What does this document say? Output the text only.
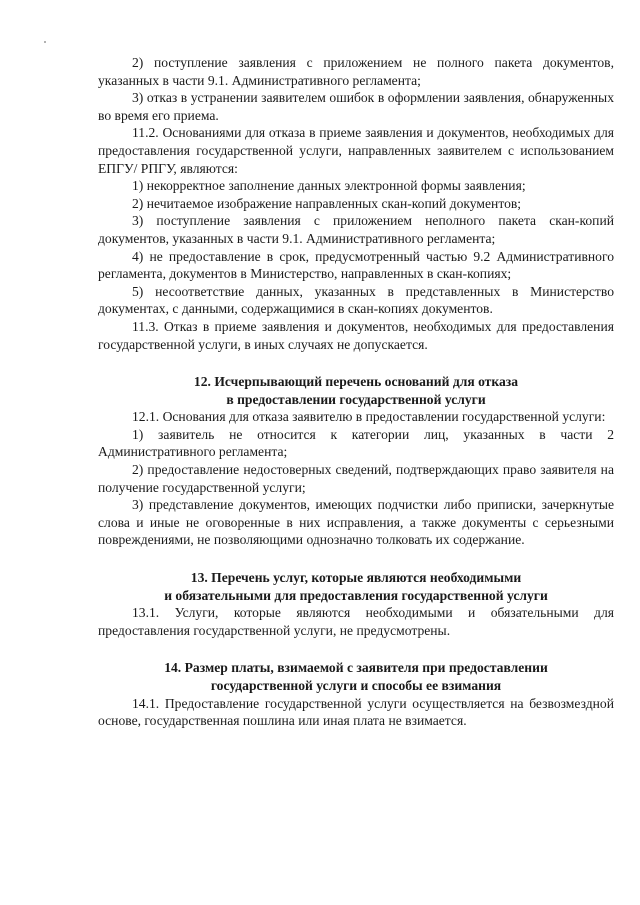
2) поступление заявления с приложением не полного пакета документов, указанных в части 9.1. Административного регламента;

3) отказ в устранении заявителем ошибок в оформлении заявления, обнаруженных во время его приема.

11.2. Основаниями для отказа в приеме заявления и документов, необходимых для предоставления государственной услуги, направленных заявителем с использованием ЕПГУ/ РПГУ, являются:

1) некорректное заполнение данных электронной формы заявления;

2) нечитаемое изображение направленных скан-копий документов;

3) поступление заявления с приложением неполного пакета скан-копий документов, указанных в части 9.1. Административного регламента;

4) не предоставление в срок, предусмотренный частью 9.2 Административного регламента, документов в Министерство, направленных в скан-копиях;

5) несоответствие данных, указанных в представленных в Министерство документах, с данными, содержащимися в скан-копиях документов.

11.3. Отказ в приеме заявления и документов, необходимых для предоставления государственной услуги, в иных случаях не допускается.

12. Исчерпывающий перечень оснований для отказа
в предоставлении государственной услуги

12.1. Основания для отказа заявителю в предоставлении государственной услуги:

1) заявитель не относится к категории лиц, указанных в части 2 Административного регламента;

2) предоставление недостоверных сведений, подтверждающих право заявителя на получение государственной услуги;

3) представление документов, имеющих подчистки либо приписки, зачеркнутые слова и иные не оговоренные в них исправления, а также документы с серьезными повреждениями, не позволяющими однозначно толковать их содержание.

13. Перечень услуг, которые являются необходимыми
и обязательными для предоставления государственной услуги

13.1. Услуги, которые являются необходимыми и обязательными для предоставления государственной услуги, не предусмотрены.

14. Размер платы, взимаемой с заявителя при предоставлении
государственной услуги и способы ее взимания

14.1. Предоставление государственной услуги осуществляется на безвозмездной основе, государственная пошлина или иная плата не взимается.
